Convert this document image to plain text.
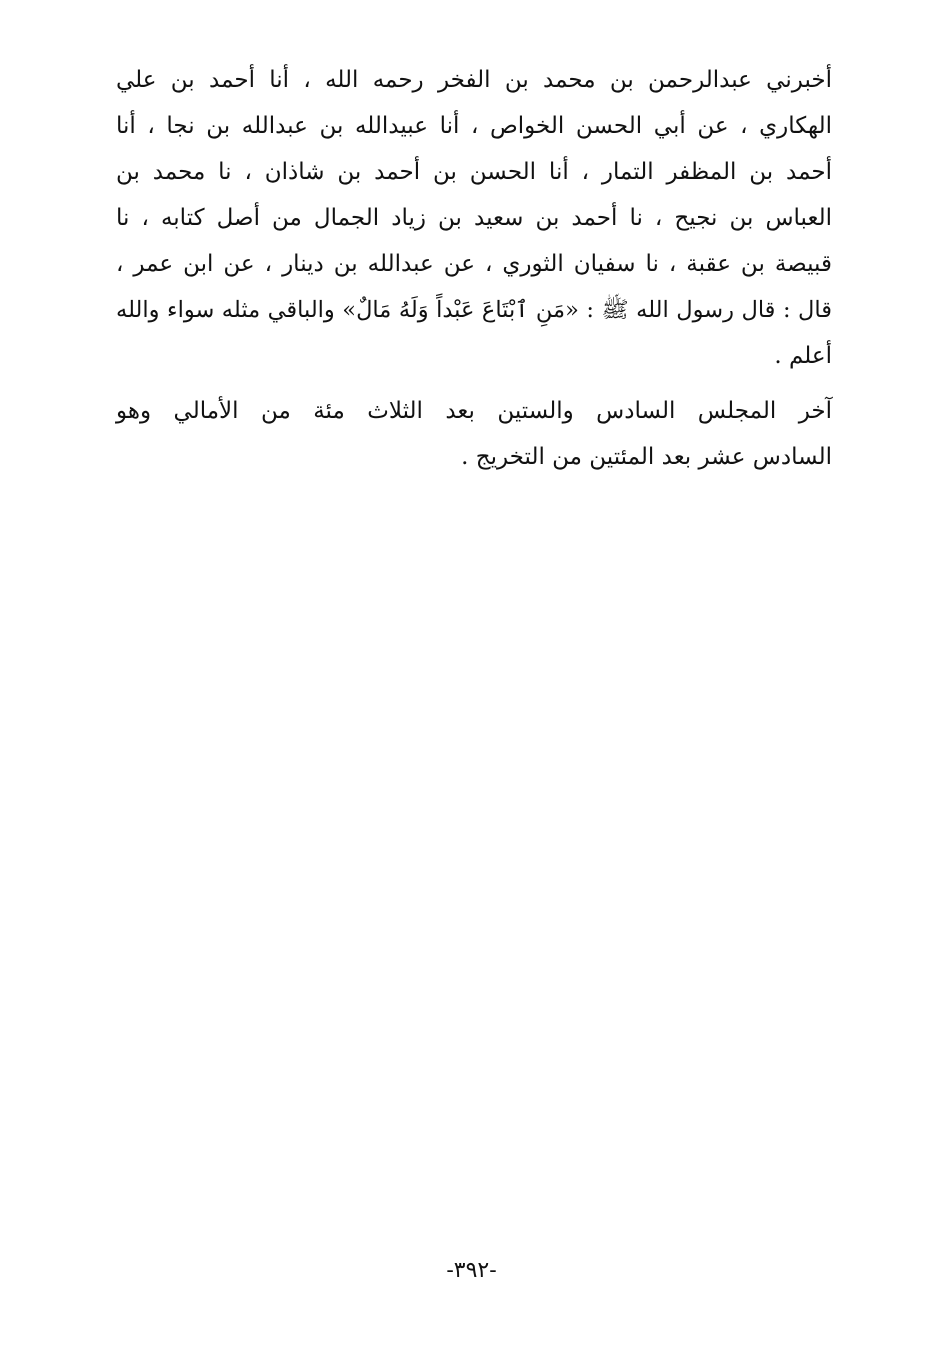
أخبرني عبدالرحمن بن محمد بن الفخر رحمه الله ، أنا أحمد بن علي
الهكاري ، عن أبي الحسن الخواص ، أنا عبيدالله بن عبدالله بن نجا ، أنا
أحمد بن المظفر التمار ، أنا الحسن بن أحمد بن شاذان ، نا محمد بن
العباس بن نجيح ، نا أحمد بن سعيد بن زياد الجمال من أصل كتابه ، نا
قبيصة بن عقبة ، نا سفيان الثوري ، عن عبدالله بن دينار ، عن ابن عمر ،
قال : قال رسول الله ﷺ : «مَنِ ٱبْتَاعَ عَبْداً وَلَهُ مَالٌ» والباقي مثله سواء والله
أعلم .
آخر المجلس السادس والستين بعد الثلاث مئة من الأمالي وهو
السادس عشر بعد المئتين من التخريج .
-٣٩٢-
